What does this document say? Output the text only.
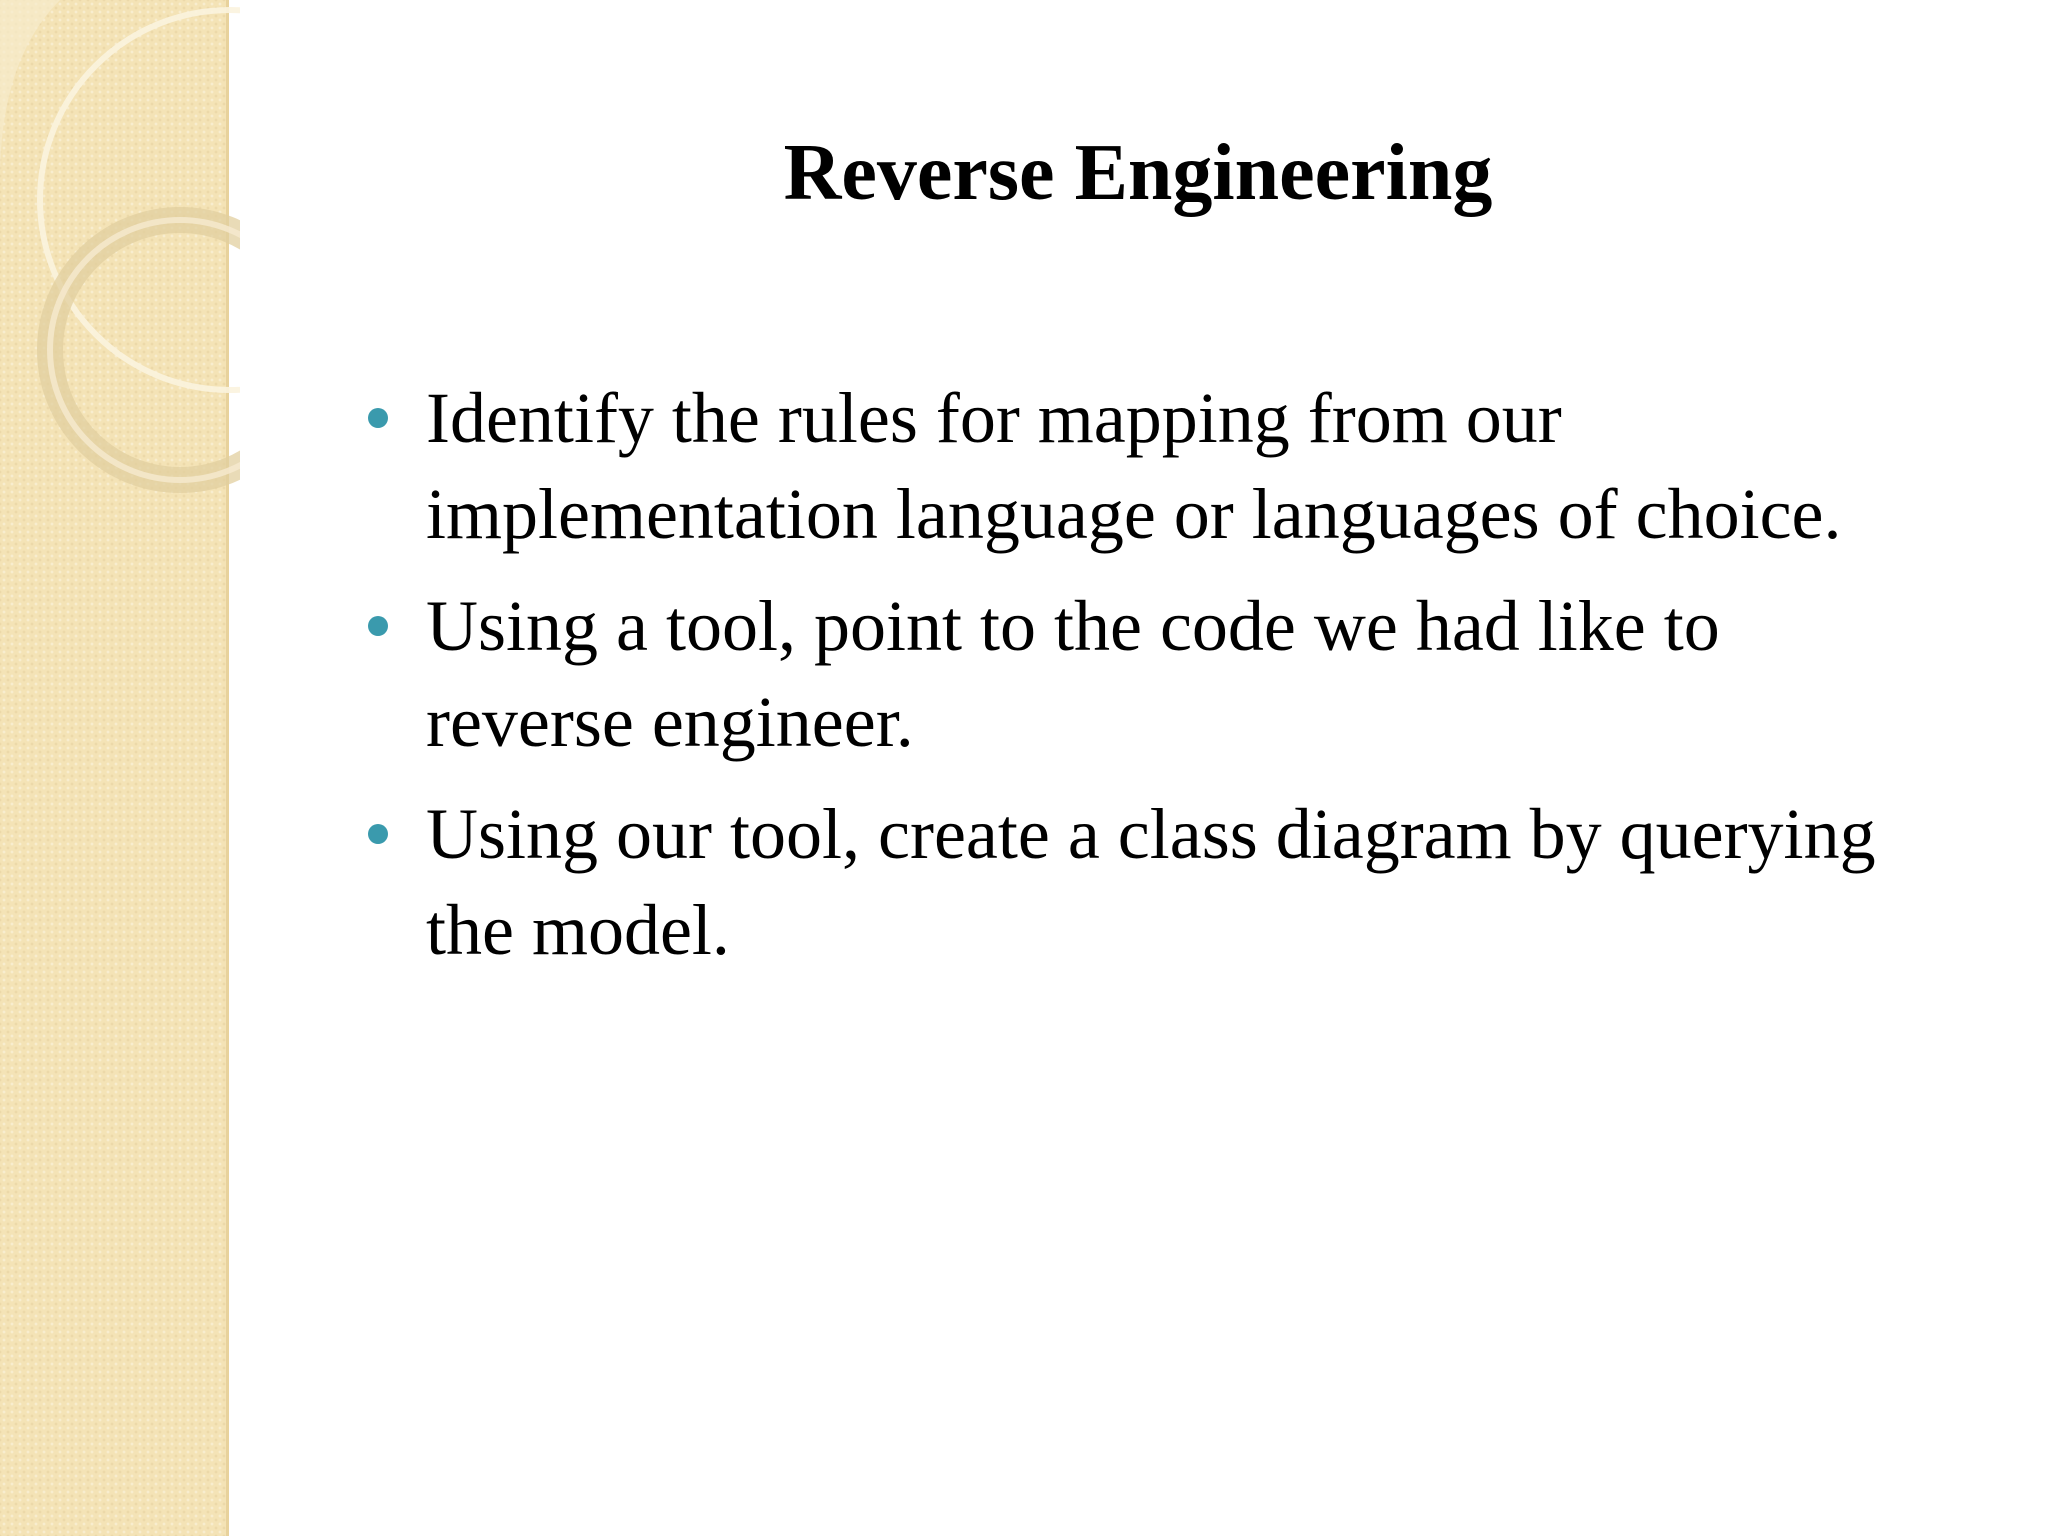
Reverse Engineering
Identify the rules for mapping from our implementation language or languages of choice.
Using a tool, point to the code we had like to reverse engineer.
Using our tool, create a class diagram by querying the model.
